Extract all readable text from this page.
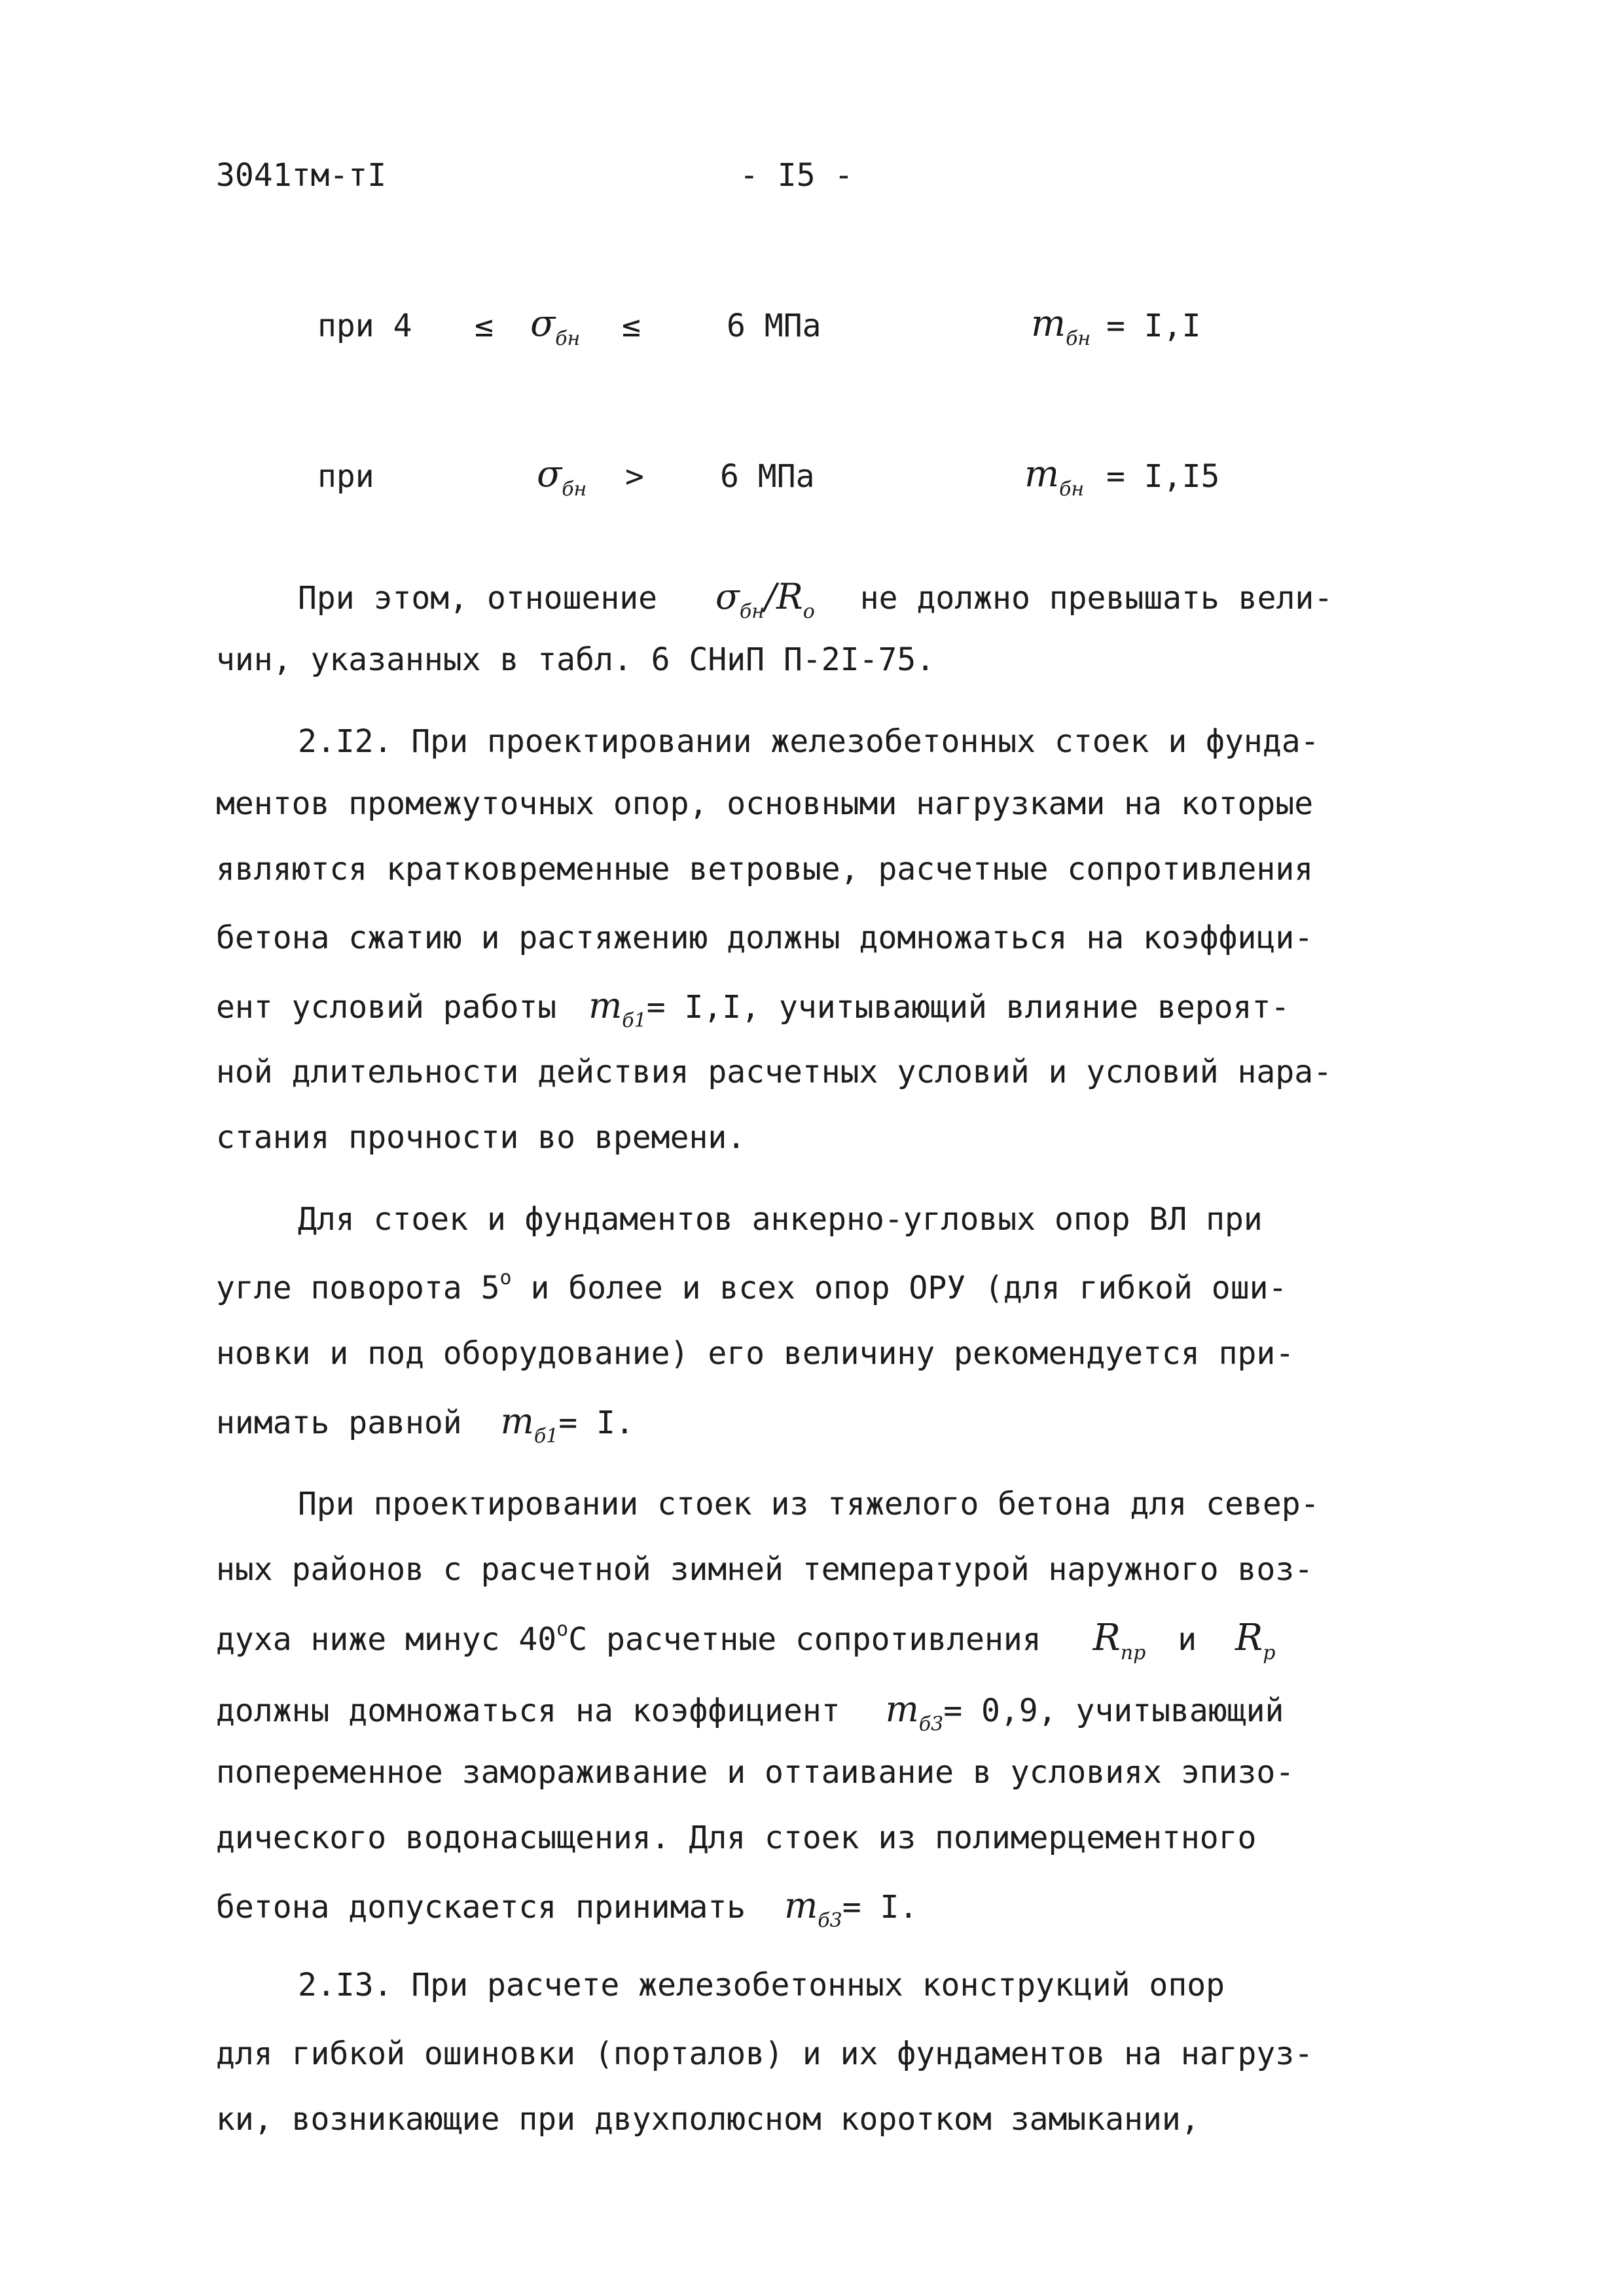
3041тм-тI	- I5 -
при $4 \le \sigma_{бн}$ ≤	6 МПа	$m_{бн} = I,I$
при	$\sigma_{бн} > 6$ МПа	$m_{бн} = I,I5$
При этом, отношение $\sigma_{бн}/R_о$ не должно превышать вели-
чин, указанных в табл. 6 СНиП П-2I-75.
2.I2. При проектировании железобетонных стоек и фунда-
ментов промежуточных опор, основными нагрузками на которые
являются кратковременные ветровые, расчетные сопротивления
бетона сжатию и растяжению должны домножаться на коэффици-
ент условий работы $m_{б1}= I,I$, учитывающий влияние вероят-
ной длительности действия расчетных условий и условий нара-
стания прочности во времени.
Для стоек и фундаментов анкерно-угловых опор ВЛ при
угле поворота $5^о$ и более и всех опор ОРУ (для гибкой оши-
новки и под оборудование) его величину рекомендуется при-
нимать равной $m_{б1}= I$.
При проектировании стоек из тяжелого бетона для север-
ных районов с расчетной зимней температурой наружного воз-
духа ниже минус $40^оС$ расчетные сопротивления $R_{пр}$ и $R_р$
должны домножаться на коэффициент $m_{б3}= 0,9$, учитывающий
попеременное замораживание и оттаивание в условиях эпизо-
дического водонасыщения. Для стоек из полимерцементного
бетона допускается принимать $m_{б3}= I$.
2.I3. При расчете железобетонных конструкций опор
для гибкой ошиновки (порталов) и их фундаментов на нагруз-
ки, возникающие при двухполюсном коротком замыкании,
